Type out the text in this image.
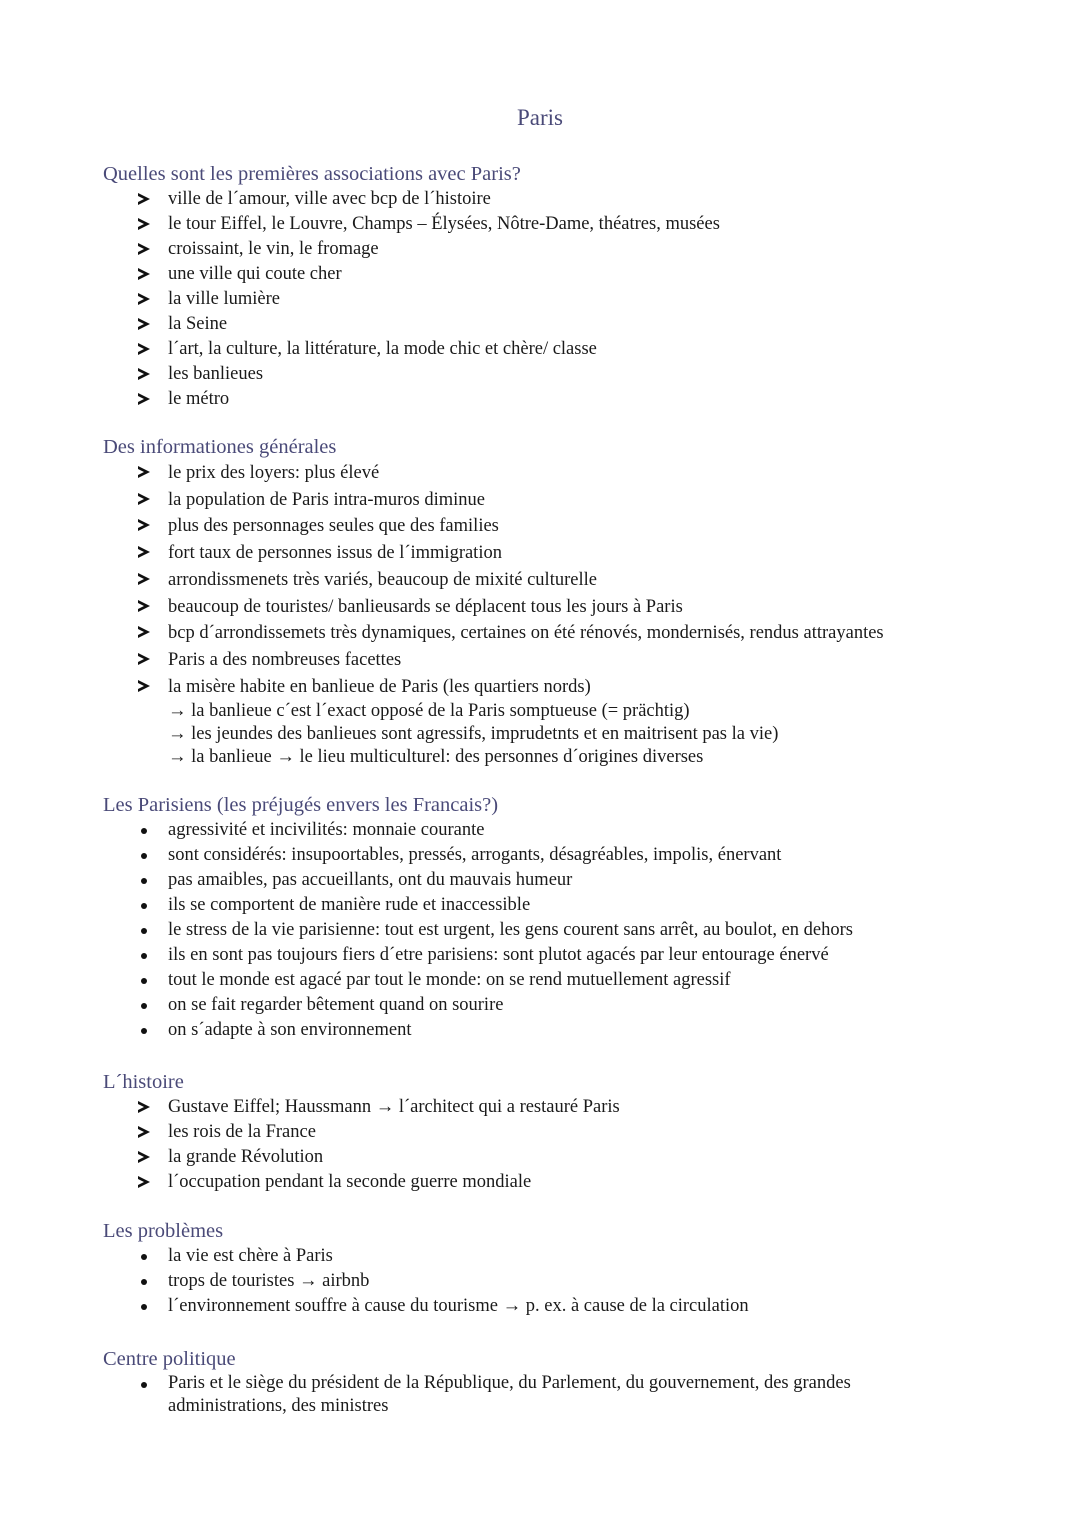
Paris
Quelles sont les premières associations avec Paris?
ville de l´amour, ville avec bcp de l´histoire
le tour Eiffel, le Louvre, Champs – Élysées, Nôtre-Dame, théatres, musées
croissaint, le vin, le fromage
une ville qui coute cher
la ville lumière
la Seine
l´art, la culture, la littérature, la mode chic et chère/ classe
les banlieues
le métro
Des informationes générales
le prix des loyers: plus élevé
la population de Paris intra-muros diminue
plus des personnages seules que des families
fort taux de personnes issus de l´immigration
arrondissmenets très variés, beaucoup de mixité culturelle
beaucoup de touristes/ banlieusards se déplacent tous les jours à Paris
bcp d´arrondissemets très dynamiques, certaines on été rénovés, mondernisés, rendus attrayantes
Paris a des nombreuses facettes
la misère habite en banlieue de Paris (les quartiers nords)
→ la banlieue c´est l´exact opposé de la Paris somptueuse (= prächtig)
→ les jeundes des banlieues sont agressifs, imprudetnts et en maitrisent pas la vie)
→ la banlieue → le lieu multiculturel: des personnes d´origines diverses
Les Parisiens (les préjugés envers les Francais?)
agressivité et incivilités: monnaie courante
sont considérés: insupoortables, pressés, arrogants, désagréables, impolis, énervant
pas amaibles, pas accueillants, ont du mauvais humeur
ils se comportent de manière rude et inaccessible
le stress de la vie parisienne: tout est urgent, les gens courent sans arrêt, au boulot, en dehors
ils en sont pas toujours fiers d´etre parisiens: sont plutot agacés par leur entourage énervé
tout le monde est agacé par tout le monde: on se rend mutuellement agressif
on se fait regarder bêtement quand on sourire
on s´adapte à son environnement
L´histoire
Gustave Eiffel; Haussmann → l´architect qui a restauré Paris
les rois de la France
la grande Révolution
l´occupation pendant la seconde guerre mondiale
Les problèmes
la vie est chère à Paris
trops de touristes → airbnb
l´environnement souffre à cause du tourisme → p. ex. à cause de la circulation
Centre politique
Paris et le siège du président de la République, du Parlement, du gouvernement, des grandes administrations, des ministres
